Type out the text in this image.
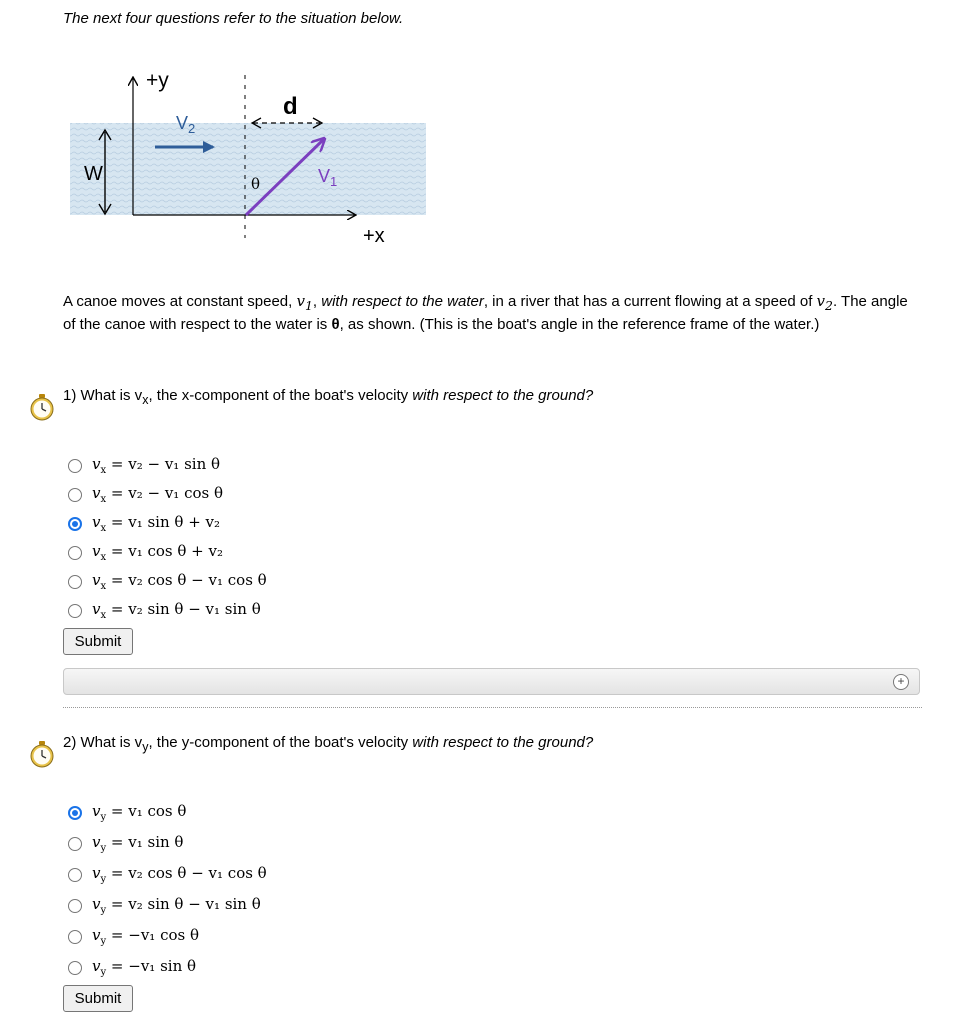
The next four questions refer to the situation below.
+y
+x
W
$V_2$
d
θ	$V_1$
A canoe moves at constant speed, $v_1$, with respect to the water, in a river that has a current flowing at a speed of $v_2$. The angle of the canoe with respect to the water is θ, as shown. (This is the boat's angle in the reference frame of the water.)
1) What is $v_x$, the x-component of the boat's velocity with respect to the ground?
$v_x = v_2 - v_1$ sin θ
$v_x = v_2 - v_1$ cos θ
$v_x = v_1$ sin θ + v₂
$v_x = v_1$ cos θ + v₂
$v_x = v_2$ cos θ − v₁ cos θ
$v_x = v_2$ sin θ − v₁ sin θ
Submit
+
2) What is $v_y$, the y-component of the boat's velocity with respect to the ground?
$v_y = v_1$ cos θ
$v_y = v_1$ sin θ
$v_y = v_2$ cos θ − v₁ cos θ
$v_y = v_2$ sin θ − v₁ sin θ
$v_y = -v_1$ cos θ
$v_y = -v_1$ sin θ
Submit
